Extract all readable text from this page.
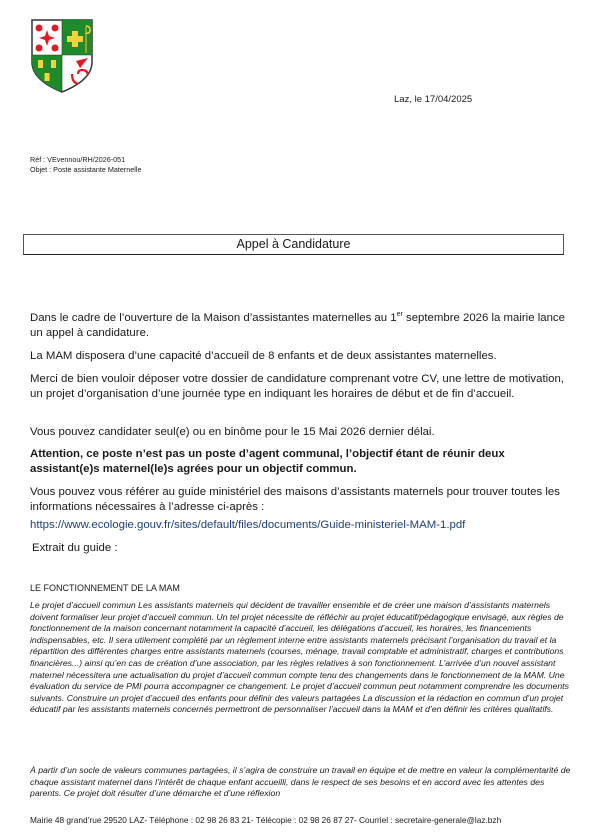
Laz, le 17/04/2025
Réf : VEvennou/RH/2026-051
Objet : Poste assistante Maternelle
Appel à Candidature
Dans le cadre de l’ouverture de la Maison d’assistantes maternelles au 1er septembre 2026 la mairie lance un appel à candidature.
La MAM disposera d’une capacité d’accueil de 8 enfants et de deux assistantes maternelles.
Merci de bien vouloir déposer votre dossier de candidature comprenant votre CV, une lettre de motivation, un projet d’organisation d’une journée type en indiquant les horaires de début et de fin d’accueil.
Vous pouvez candidater seul(e) ou en binôme pour le 15 Mai 2026 dernier délai.
Attention, ce poste n’est pas un poste d’agent communal, l’objectif étant de réunir deux assistant(e)s maternel(le)s agrées pour un objectif commun.
Vous pouvez vous référer au guide ministériel des maisons d’assistants maternels pour trouver toutes les informations nécessaires à l’adresse ci-après :
https://www.ecologie.gouv.fr/sites/default/files/documents/Guide-ministeriel-MAM-1.pdf
Extrait du guide :
LE FONCTIONNEMENT DE LA MAM
Le projet d’accueil commun Les assistants maternels qui décident de travailler ensemble et de créer une maison d’assistants maternels doivent formaliser leur projet d’accueil commun. Un tel projet nécessite de réfléchir au projet éducatif/pédagogique envisagé, aux règles de fonctionnement de la maison concernant notamment la capacité d’accueil, les délégations d’accueil, les horaires, les financements indispensables, etc. Il sera utilement complété par un règlement interne entre assistants maternels précisant l’organisation du travail et la répartition des différentes charges entre assistants maternels (courses, ménage, travail comptable et administratif, charges et contributions financières...) ainsi qu’en cas de création d’une association, par les règles relatives à son fonctionnement. L’arrivée d’un nouvel assistant maternel nécessitera une actualisation du projet d’accueil commun compte tenu des changements dans le fonctionnement de la MAM. Une évaluation du service de PMI pourra accompagner ce changement. Le projet d’accueil commun peut notamment comprendre les documents suivants. Construire un projet d’accueil des enfants pour définir des valeurs partagées La discussion et la rédaction en commun d’un projet éducatif par les assistants maternels concernés permettront de personnaliser l’accueil dans la MAM et d’en définir les critères qualitatifs.
À partir d’un socle de valeurs communes partagées, il s’agira de construire un travail en équipe et de mettre en valeur la complémentarité de chaque assistant maternel dans l’intérêt de chaque enfant accueilli, dans le respect de ses besoins et en accord avec les attentes des parents. Ce projet doit résulter d’une démarche et d’une réflexion
Mairie 48 grand’rue 29520 LAZ- Téléphone : 02 98 26 83 21- Télécopie : 02 98 26 87 27- Courriel : secretaire-generale@laz.bzh
